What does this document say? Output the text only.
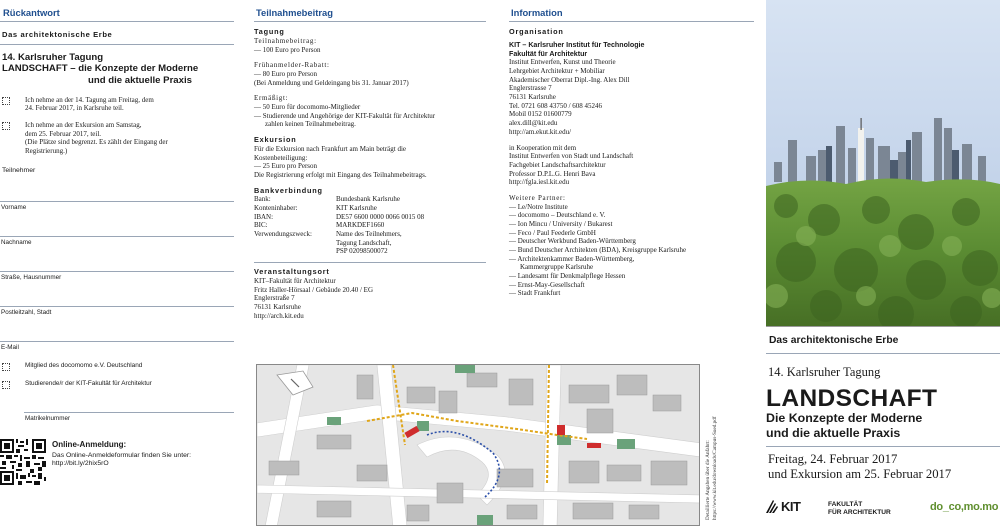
Rückantwort
Das architektonische Erbe
14. Karlsruher Tagung
LANDSCHAFT – die Konzepte der Moderne
und die aktuelle Praxis
Ich nehme an der 14. Tagung am Freitag, dem
24. Februar 2017, in Karlsruhe teil.
Ich nehme an der Exkursion am Samstag,
dem 25. Februar 2017, teil.
(Die Plätze sind begrenzt. Es zählt der Eingang der
Registrierung.)
Teilnehmer
Vorname
Nachname
Straße, Hausnummer
Postleitzahl, Stadt
E-Mail
Mitglied des docomomo e.V. Deutschland
Studierende/r der KIT-Fakultät für Architektur
Matrikelnummer
Online-Anmeldung:
Das Online-Anmeldeformular finden Sie unter:
http://bit.ly/2hix5rO
Teilnahmebeitrag
Tagung
Teilnahmebeitrag:
— 100 Euro pro Person
Frühanmelder-Rabatt:
— 80 Euro pro Person
(Bei Anmeldung und Geldeingang bis 31. Januar 2017)
Ermäßigt:
— 50 Euro für docomomo-Mitglieder
— Studierende und Angehörige der KIT-Fakultät für Architektur
zahlen keinen Teilnahmebeitrag.
Exkursion
Für die Exkursion nach Frankfurt am Main beträgt die
Kostenbeteiligung:
— 25 Euro pro Person
Die Registrierung erfolgt mit Eingang des Teilnahmebeitrags.
Bankverbindung
Bank:	Bundesbank Karlsruhe
Konteninhaber:	KIT Karlsruhe
IBAN:	DE57 6600 0000 0066 0015 08
BIC:	MARKDEF1660
Verwendungszweck:	Name des Teilnehmers,
Tagung Landschaft,
PSP 02098500072
Veranstaltungsort
KIT–Fakultät für Architektur
Fritz Haller-Hörsaal / Gebäude 20.40 / EG
Englerstraße 7
76131 Karlsruhe
http://arch.kit.edu
Information
Organisation
KIT – Karlsruher Institut für Technologie
Fakultät für Architektur
Institut Entwerfen, Kunst und Theorie
Lehrgebiet Architektur + Mobiliar
Akademischer Oberrat Dipl.-Ing. Alex Dill
Englerstrasse 7
76131 Karlsruhe
Tel. 0721 608 43750 / 608 45246
Mobil 0152 01600779
alex.dill@kit.edu
http://am.ekut.kit.edu/
in Kooperation mit dem
Institut Entwerfen von Stadt und Landschaft
Fachgebiet Landschaftsarchitektur
Professor D.P.L.G. Henri Bava
http://fgla.iesl.kit.edu
Weitere Partner:
— Le/Notre Institute
— docomomo – Deutschland e. V.
— Ion Mincu / University / Bukarest
— Feco / Paul Feederle GmbH
— Deutscher Werkbund Baden-Württemberg
— Bund Deutscher Architekten (BDA), Kreisgruppe Karlsruhe
— Architektenkammer Baden-Württemberg,
Kammergruppe Karlsruhe
— Landesamt für Denkmalpflege Hessen
— Ernst-May-Gesellschaft
— Stadt Frankfurt
Detaillierte Angaben über die Anfahrt: https://www.kit.edu/downloads/Campus-Sued.pdf
Das architektonische Erbe
14. Karlsruher Tagung
LANDSCHAFT
Die Konzepte der Moderne
und die aktuelle Praxis
Freitag, 24. Februar 2017
und Exkursion am 25. Februar 2017
KIT	FAKULTÄT
FÜR ARCHITEKTUR	do_co,mo.mo
